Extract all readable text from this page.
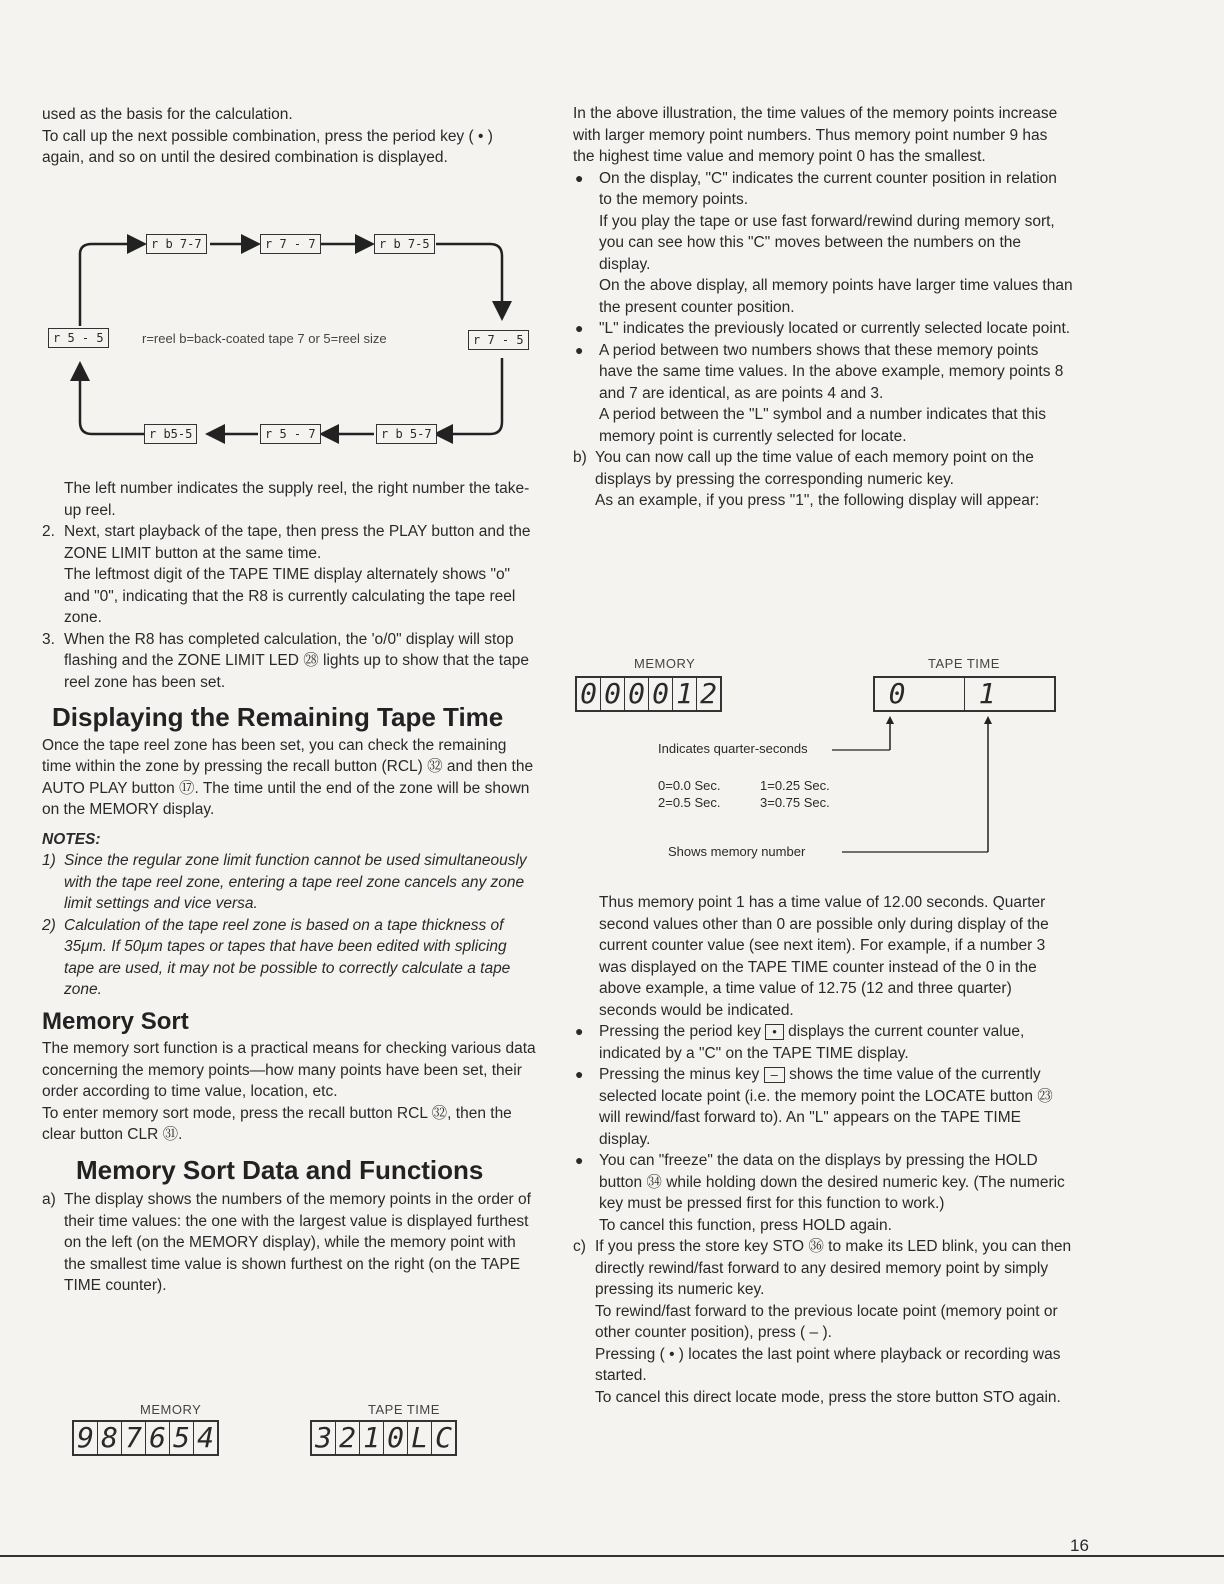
used as the basis for the calculation.

To call up the next possible combination, press the period key ( • ) again, and so on until the desired combination is displayed.

r b 7-7	r 7 - 7	r b 7-5
r 5 - 5	r=reel b=back-coated tape 7 or 5=reel size	r 7 - 5
r b5-5	r 5 - 7	r b 5-7

The left number indicates the supply reel, the right number the take-up reel.

2. Next, start playback of the tape, then press the PLAY button and the ZONE LIMIT button at the same time.

The leftmost digit of the TAPE TIME display alternately shows "o" and "0", indicating that the R8 is currently calculating the tape reel zone.

3. When the R8 has completed calculation, the 'o/0" display will stop flashing and the ZONE LIMIT LED ㉘ lights up to show that the tape reel zone has been set.

Displaying the Remaining Tape Time

Once the tape reel zone has been set, you can check the remaining time within the zone by pressing the recall button (RCL) ㉜ and then the AUTO PLAY button ⑰. The time until the end of the zone will be shown on the MEMORY display.

NOTES:

1) Since the regular zone limit function cannot be used simultaneously with the tape reel zone, entering a tape reel zone cancels any zone limit settings and vice versa.

2) Calculation of the tape reel zone is based on a tape thickness of 35μm. If 50μm tapes or tapes that have been edited with splicing tape are used, it may not be possible to correctly calculate a tape zone.

Memory Sort

The memory sort function is a practical means for checking various data concerning the memory points—how many points have been set, their order according to time value, location, etc.

To enter memory sort mode, press the recall button RCL ㉜, then the clear button CLR ㉛.

Memory Sort Data and Functions
a) The display shows the numbers of the memory points in the order of their time values: the one with the largest value is displayed furthest on the left (on the MEMORY display), while the memory point with the smallest time value is shown furthest on the right (on the TAPE TIME counter).

MEMORY	TAPE TIME
9 8 7 6 5 4	3 2 1 0 L C

In the above illustration, the time values of the memory points increase with larger memory point numbers. Thus memory point number 9 has the highest time value and memory point 0 has the smallest.

● On the display, "C" indicates the current counter position in relation to the memory points.

If you play the tape or use fast forward/rewind during memory sort, you can see how this "C" moves between the numbers on the display.

On the above display, all memory points have larger time values than the present counter position.

● "L" indicates the previously located or currently selected locate point.

● A period between two numbers shows that these memory points have the same time values. In the above example, memory points 8 and 7 are identical, as are points 4 and 3.

A period between the "L" symbol and a number indicates that this memory point is currently selected for locate.

b) You can now call up the time value of each memory point on the displays by pressing the corresponding numeric key.

As an example, if you press "1", the following display will appear:

MEMORY	TAPE TIME
0 0 0 0 1 2	0	1
Indicates quarter-seconds
0=0.0 Sec.	1=0.25 Sec.
2=0.5 Sec.	3=0.75 Sec.
Shows memory number

Thus memory point 1 has a time value of 12.00 seconds. Quarter second values other than 0 are possible only during display of the current counter value (see next item). For example, if a number 3 was displayed on the TAPE TIME counter instead of the 0 in the above example, a time value of 12.75 (12 and three quarter) seconds would be indicated.

● Pressing the period key • displays the current counter value, indicated by a "C" on the TAPE TIME display.

● Pressing the minus key – shows the time value of the currently selected locate point (i.e. the memory point the LOCATE button ㉓ will rewind/fast forward to). An "L" appears on the TAPE TIME display.

● You can "freeze" the data on the displays by pressing the HOLD button ㉞ while holding down the desired numeric key. (The numeric key must be pressed first for this function to work.)

To cancel this function, press HOLD again.

c) If you press the store key STO ㊱ to make its LED blink, you can then directly rewind/fast forward to any desired memory point by simply pressing its numeric key.

To rewind/fast forward to the previous locate point (memory point or other counter position), press ( – ).

Pressing ( • ) locates the last point where playback or recording was started.

To cancel this direct locate mode, press the store button STO again.

16
